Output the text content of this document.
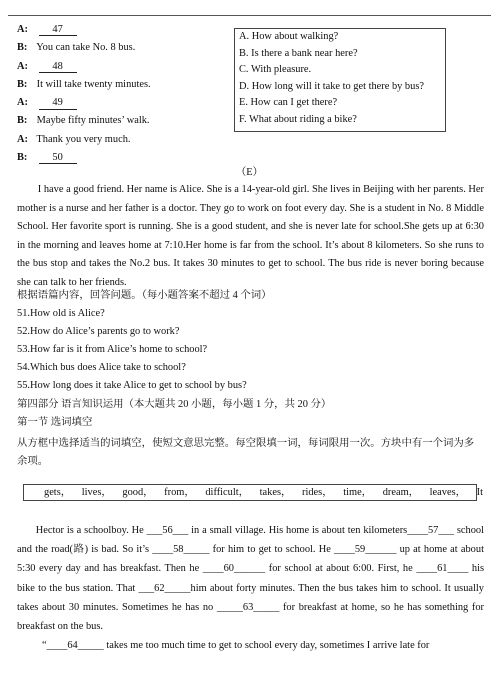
A: 47
B: You can take No. 8 bus.
A: 48
B: It will take twenty minutes.
A: 49
B: Maybe fifty minutes’ walk.
A: Thank you very much.
B: 50
A. How about walking?
B. Is there a bank near here?
C. With pleasure.
D. How long will it take to get there by bus?
E. How can I get there?
F. What about riding a bike?
（E）

I have a good friend. Her name is Alice. She is a 14-year-old girl. She lives in Beijing with her parents. Her mother is a nurse and her father is a doctor. They go to work on foot every day. She is a student in No. 8 Middle School. Her favorite sport is running. She is a good student, and she is never late for school.She gets up at 6:30 in the morning and leaves home at 7:10.Her home is far from the school. It’s about 8 kilometers. So she runs to the bus stop and takes the No.2 bus. It takes 30 minutes to get to school. The bus ride is never boring because she can talk to her friends.

根据语篇内容，回答问题。（每小题答案不超过 4 个词）
51.How old is Alice?
52.How do Alice’s parents go to work?
53.How far is it from Alice’s home to school?
54.Which bus does Alice take to school?
55.How long does it take Alice to get to school by bus?
第四部分 语言知识运用（本大题共 20 小题，每小题 1 分，共 20 分）
第一节 选词填空
从方框中选择适当的词填空，使短文意思完整。每空限填一词，每词限用一次。方块中有一个词为多余项。
gets， lives， good， from， difficult， takes， rides， time， dream， leaves， It

Hector is a schoolboy. He ___56___ in a small village. His home is about ten kilometers____57___ school and the road(路) is bad. So it’s ____58_____ for him to get to school. He ____59______ up at home at about 5:30 every day and has breakfast. Then he ____60______ for school at about 6:00. First, he ____61____ his bike to the bus station. That ___62_____him about forty minutes. Then the bus takes him to school. It usually takes about 30 minutes. Sometimes he has no _____63_____ for breakfast at home, so he has something for breakfast on the bus.

“____64_____ takes me too much time to get to school every day, sometimes I arrive late for
